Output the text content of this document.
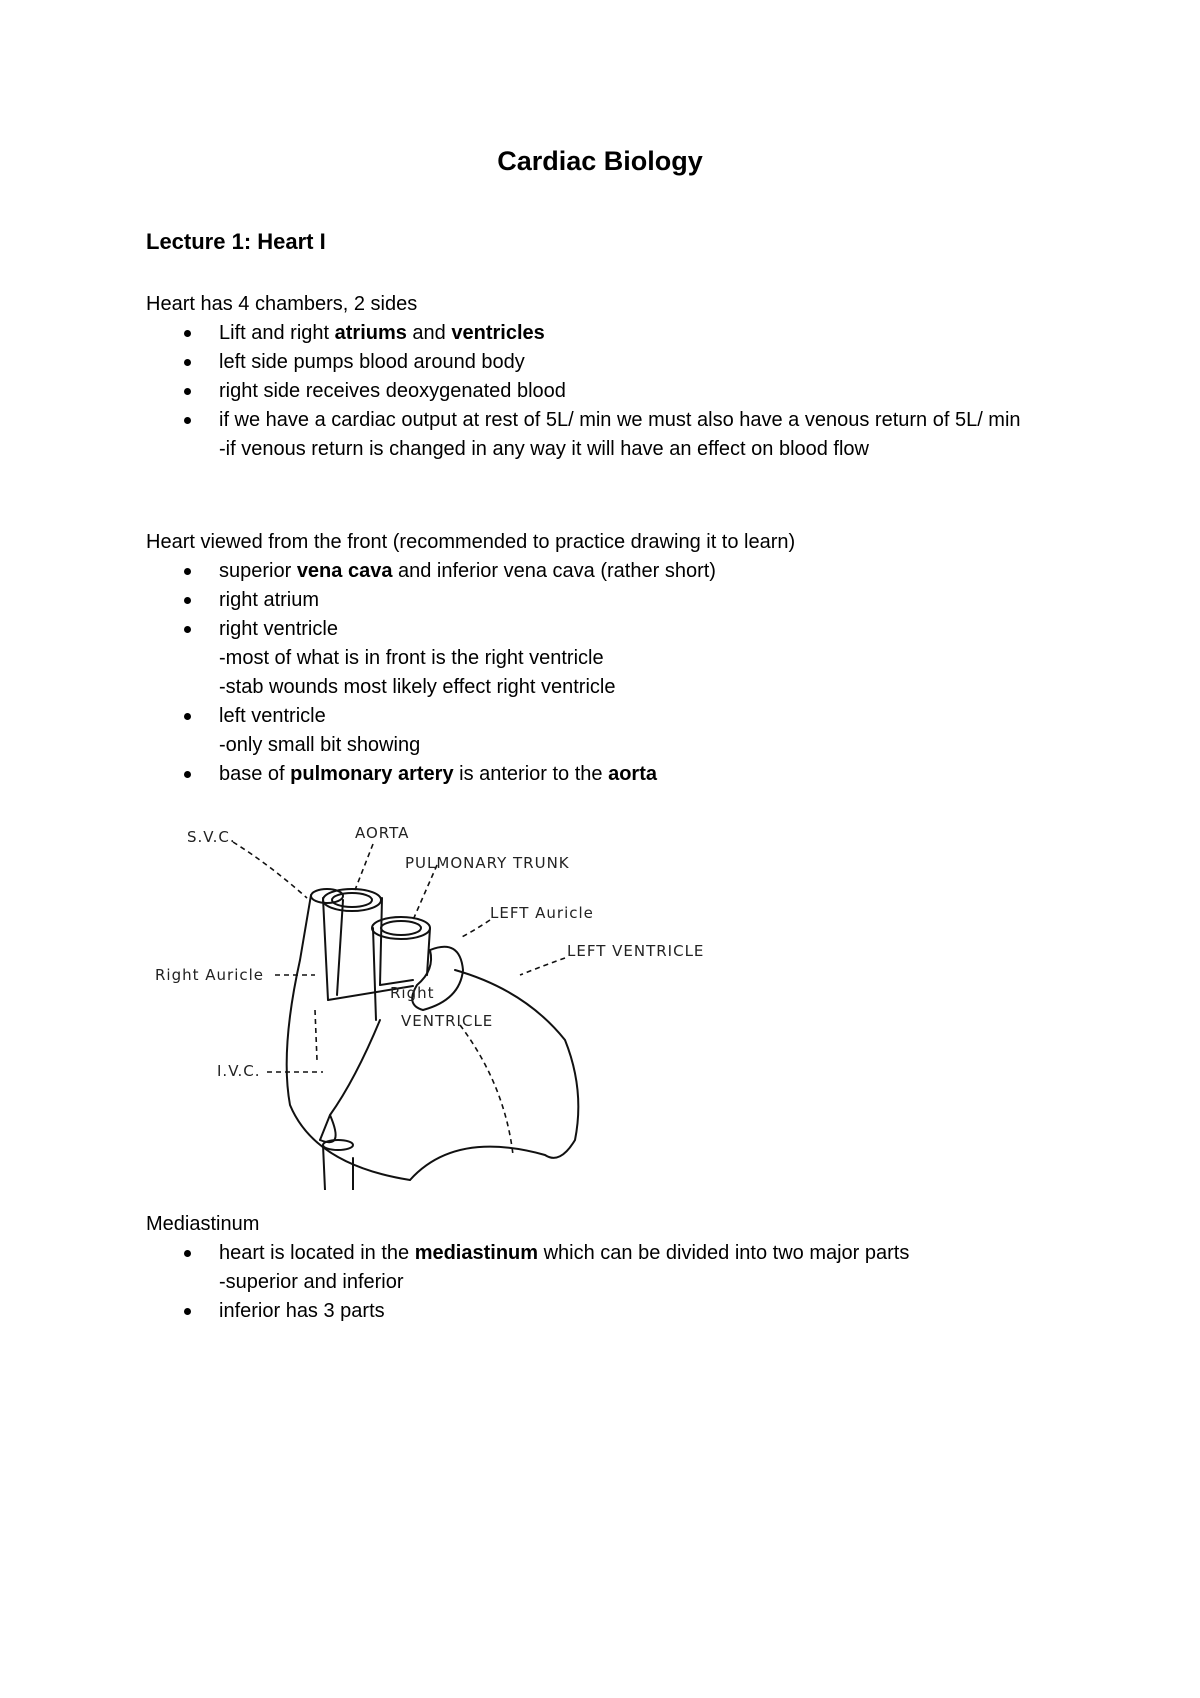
Cardiac Biology
Lecture 1: Heart I

Heart has 4 chambers, 2 sides

Lift and right atriums and ventricles
left side pumps blood around body
right side receives deoxygenated blood
if we have a cardiac output at rest of 5L/ min we must also have a venous return of 5L/ min
-if venous return is changed in any way it will have an effect on blood flow

Heart viewed from the front (recommended to practice drawing it to learn)

superior vena cava and inferior vena cava (rather short)
right atrium
right ventricle
-most of what is in front is the right ventricle
-stab wounds most likely effect right ventricle
left ventricle
-only small bit showing
base of pulmonary artery is anterior to the aorta
S.V.C.	AORTA
PULMONARY TRUNK
LEFT Auricle
LEFT VENTRICLE
Right Auricle
Right
VENTRICLE
I.V.C.

Mediastinum

heart is located in the mediastinum which can be divided into two major parts
-superior and inferior
inferior has 3 parts
